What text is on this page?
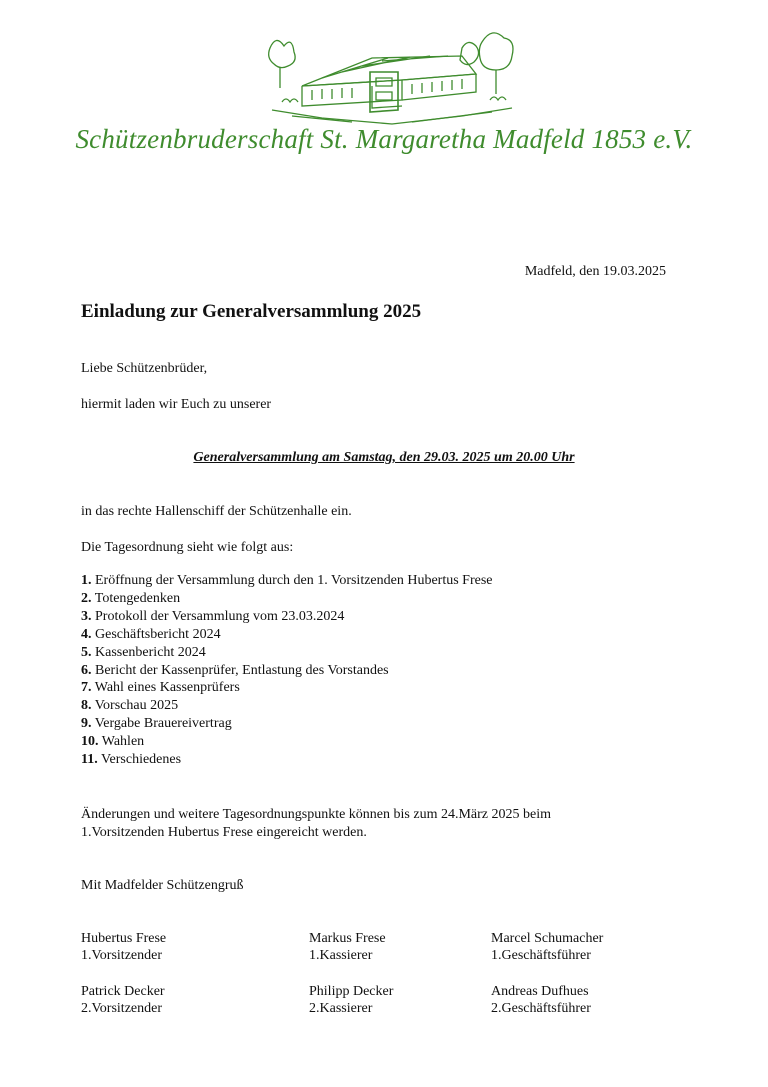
Schützenbruderschaft St. Margaretha Madfeld 1853 e.V.
Madfeld, den 19.03.2025
Einladung zur Generalversammlung 2025
Liebe Schützenbrüder,
hiermit laden wir Euch zu unserer
Generalversammlung am Samstag, den 29.03. 2025 um 20.00 Uhr
in das rechte Hallenschiff der Schützenhalle ein.
Die Tagesordnung sieht wie folgt aus:
1. Eröffnung der Versammlung durch den 1. Vorsitzenden Hubertus Frese
2. Totengedenken
3. Protokoll der Versammlung vom 23.03.2024
4. Geschäftsbericht 2024
5. Kassenbericht 2024
6. Bericht der Kassenprüfer, Entlastung des Vorstandes
7. Wahl eines Kassenprüfers
8. Vorschau 2025
9. Vergabe Brauereivertrag
10. Wahlen
11. Verschiedenes
Änderungen und weitere Tagesordnungspunkte können bis zum 24.März 2025 beim
1.Vorsitzenden Hubertus Frese eingereicht werden.
Mit Madfelder Schützengruß
Hubertus Frese
1.Vorsitzender
Markus Frese
1.Kassierer
Marcel Schumacher
1.Geschäftsführer
Patrick Decker
2.Vorsitzender
Philipp Decker
2.Kassierer
Andreas Dufhues
2.Geschäftsführer
